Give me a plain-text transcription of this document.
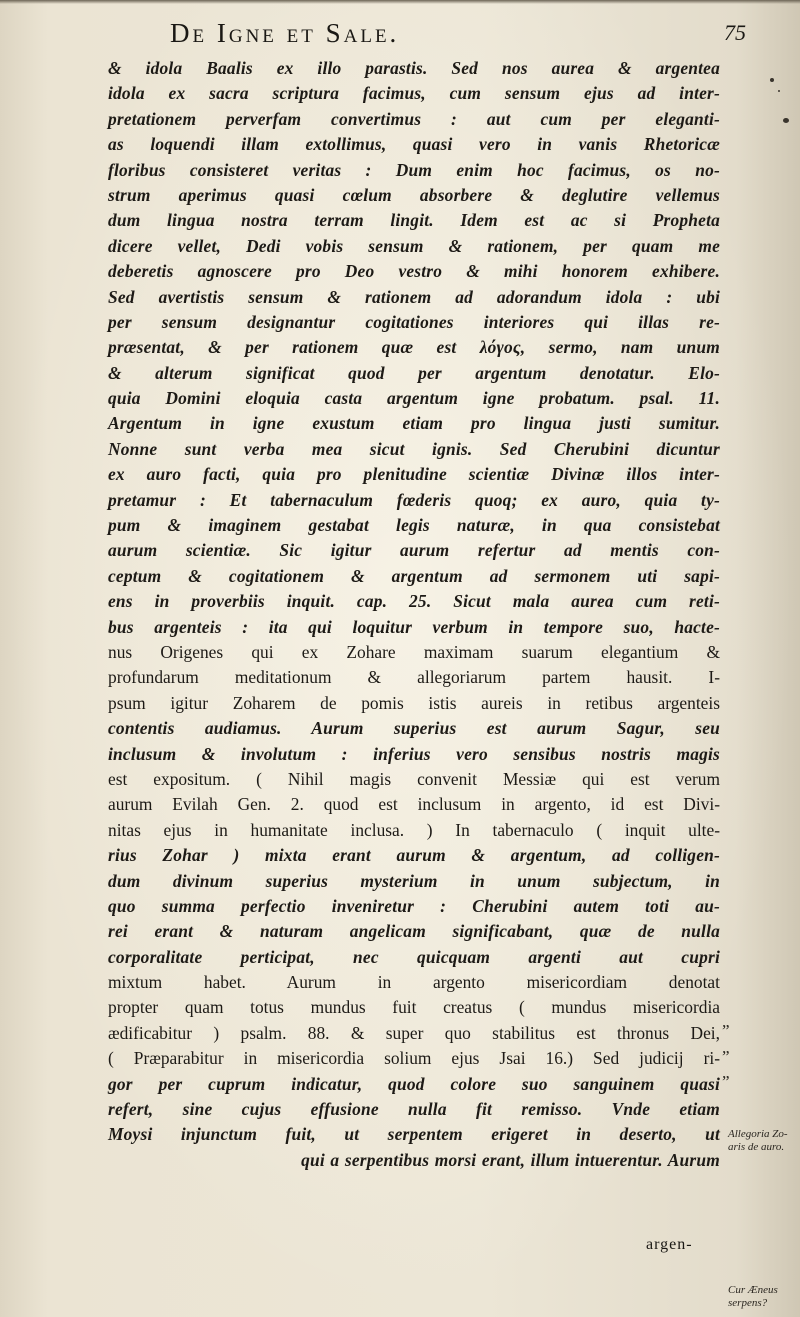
De Igne et Sale.	75
& idola Baalis ex illo parastis. Sed nos aurea & argentea
idola ex sacra scriptura facimus, cum sensum ejus ad inter-
pretationem perverfam convertimus : aut cum per eleganti-
as loquendi illam extollimus, quasi vero in vanis Rhetoricæ
floribus consisteret veritas : Dum enim hoc facimus, os no-
strum aperimus quasi cœlum absorbere & deglutire vellemus
dum lingua nostra terram lingit. Idem est ac si Propheta
dicere vellet, Dedi vobis sensum & rationem, per quam me
deberetis agnoscere pro Deo vestro & mihi honorem exhibere.
Sed avertistis sensum & rationem ad adorandum idola : ubi
per sensum designantur cogitationes interiores qui illas re-
præsentat, & per rationem quæ est λόγος, sermo, nam unum
& alterum significat quod per argentum denotatur. Elo-
quia Domini eloquia casta argentum igne probatum. psal. 11.
Argentum in igne exustum etiam pro lingua justi sumitur.
Nonne sunt verba mea sicut ignis. Sed Cherubini dicuntur
ex auro facti, quia pro plenitudine scientiæ Divinæ illos inter-
pretamur : Et tabernaculum fœderis quoq; ex auro, quia ty-
pum & imaginem gestabat legis naturæ, in qua consistebat
aurum scientiæ. Sic igitur aurum refertur ad mentis con-
ceptum & cogitationem & argentum ad sermonem uti sapi-
ens in proverbiis inquit. cap. 25. Sicut mala aurea cum reti-
bus argenteis : ita qui loquitur verbum in tempore suo, hacte-
nus Origenes qui ex Zohare maximam suarum elegantium &
profundarum meditationum & allegoriarum partem hausit. I-
psum igitur Zoharem de pomis istis aureis in retibus argenteis
contentis audiamus. Aurum superius est aurum Sagur, seu
inclusum & involutum : inferius vero sensibus nostris magis
est expositum. ( Nihil magis convenit Messiæ qui est verum
aurum Evilah Gen. 2. quod est inclusum in argento, id est Divi-
nitas ejus in humanitate inclusa. ) In tabernaculo ( inquit ulte-
rius Zohar ) mixta erant aurum & argentum, ad colligen-
dum divinum superius mysterium in unum subjectum, in
quo summa perfectio inveniretur : Cherubini autem toti au-
rei erant & naturam angelicam significabant, quæ de nulla
corporalitate perticipat, nec quicquam argenti aut cupri
mixtum habet. Aurum in argento misericordiam denotat
propter quam totus mundus fuit creatus ( mundus misericordia
ædificabitur ) psalm. 88. & super quo stabilitus est thronus Dei,
( Præparabitur in misericordia solium ejus Jsai 16.) Sed judicij ri-
gor per cuprum indicatur, quod colore suo sanguinem quasi
refert, sine cujus effusione nulla fit remisso. Vnde etiam
Moysi injunctum fuit, ut serpentem erigeret in deserto, ut
qui a serpentibus morsi erant, illum intuerentur. Aurum
”
”
”
Allegoria Zo-
aris de auro.
Cur Æneus
serpens?
argen-
